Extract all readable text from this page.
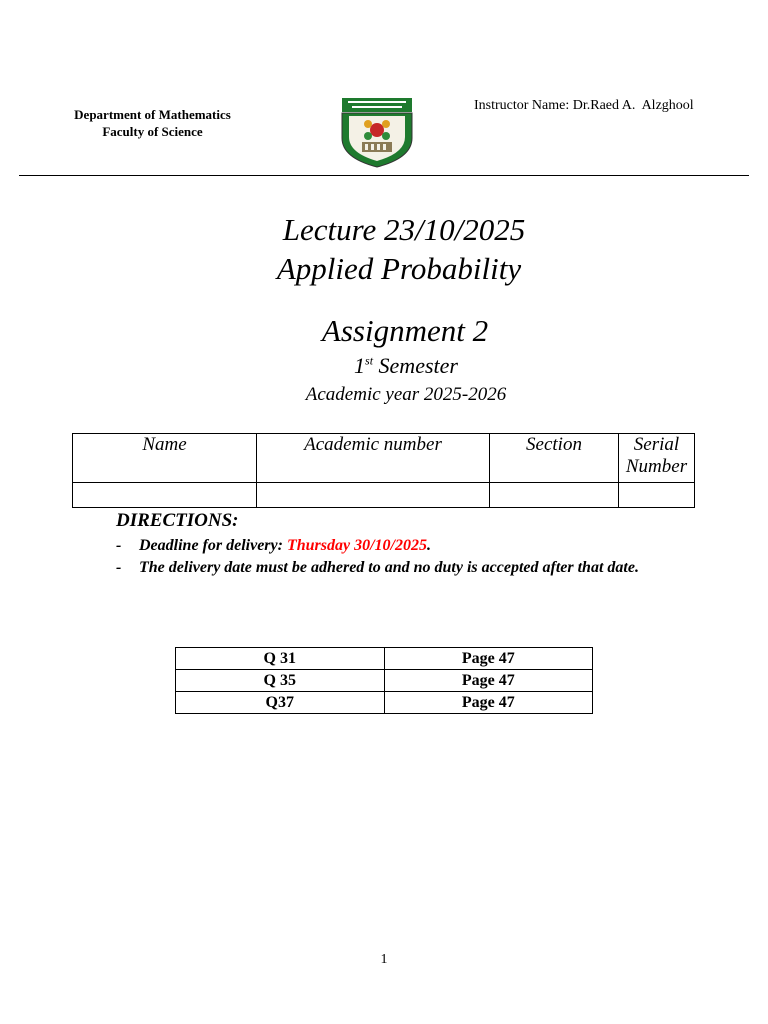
Department of Mathematics
Faculty of Science
Instructor Name: Dr.Raed A.  Alzghool
Lecture 23/10/2025
Applied Probability
Assignment 2
1st Semester
Academic year 2025-2026
Name	Academic number	Section	Serial Number

DIRECTIONS:
- Deadline for delivery: Thursday 30/10/2025.
- The delivery date must be adhered to and no duty is accepted after that date.
Q 31	Page 47
Q 35	Page 47
Q37	Page 47
1
